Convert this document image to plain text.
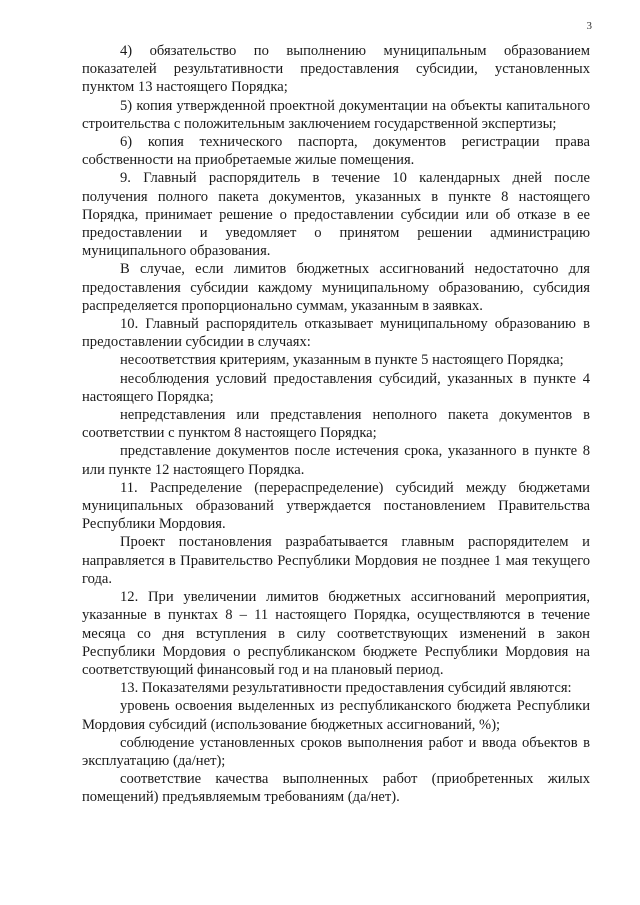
3

4) обязательство по выполнению муниципальным образованием показателей результативности предоставления субсидии, установленных пунктом 13 настоящего Порядка;

5) копия утвержденной проектной документации на объекты капитального строительства с положительным заключением государственной экспертизы;

6) копия технического паспорта, документов регистрации права собственности на приобретаемые жилые помещения.

9. Главный распорядитель в течение 10 календарных дней после получения полного пакета документов, указанных в пункте 8 настоящего Порядка, принимает решение о предоставлении субсидии или об отказе в ее предоставлении и уведомляет о принятом решении администрацию муниципального образования.

В случае, если лимитов бюджетных ассигнований недостаточно для предоставления субсидии каждому муниципальному образованию, субсидия распределяется пропорционально суммам, указанным в заявках.

10. Главный распорядитель отказывает муниципальному образованию в предоставлении субсидии в случаях:

несоответствия критериям, указанным в пункте 5 настоящего Порядка;

несоблюдения условий предоставления субсидий, указанных в пункте 4 настоящего Порядка;

непредставления или представления неполного пакета документов в соответствии с пунктом 8 настоящего Порядка;

представление документов после истечения срока, указанного в пункте 8 или пункте 12 настоящего Порядка.

11. Распределение (перераспределение) субсидий между бюджетами муниципальных образований утверждается постановлением Правительства Республики Мордовия.

Проект постановления разрабатывается главным распорядителем и направляется в Правительство Республики Мордовия не позднее 1 мая текущего года.

12. При увеличении лимитов бюджетных ассигнований мероприятия, указанные в пунктах 8 – 11 настоящего Порядка, осуществляются в течение месяца со дня вступления в силу соответствующих изменений в закон Республики Мордовия о республиканском бюджете Республики Мордовия на соответствующий финансовый год и на плановый период.

13. Показателями результативности предоставления субсидий являются:

уровень освоения выделенных из республиканского бюджета Республики Мордовия субсидий (использование бюджетных ассигнований, %);

соблюдение установленных сроков выполнения работ и ввода объектов в эксплуатацию (да/нет);

соответствие качества выполненных работ (приобретенных жилых помещений) предъявляемым требованиям (да/нет).
